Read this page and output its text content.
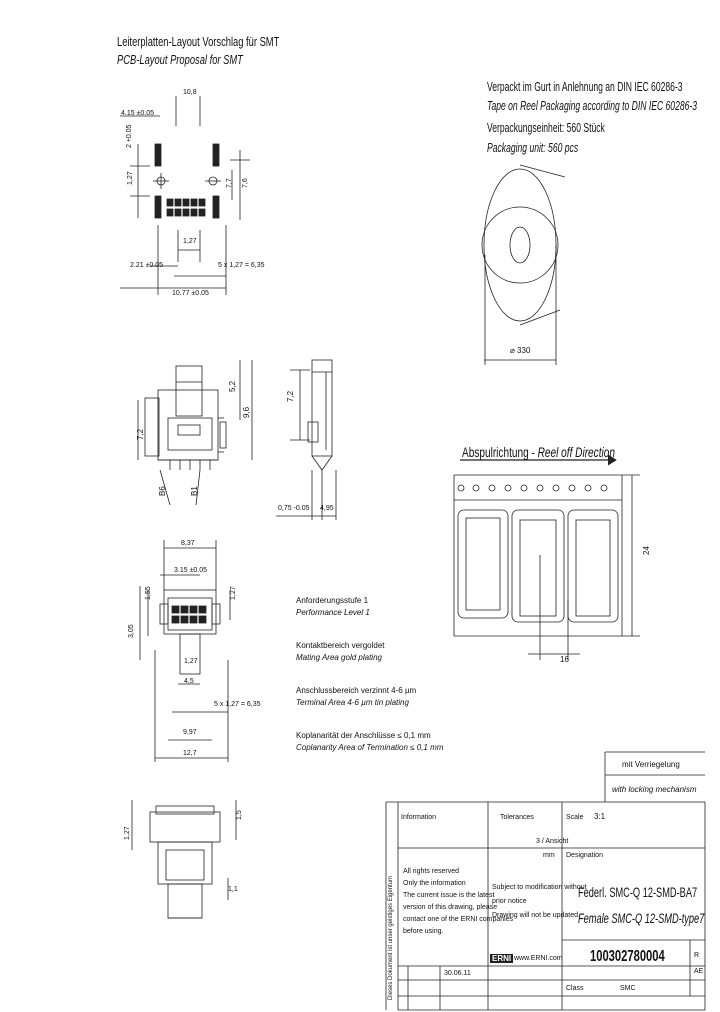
Leiterplatten-Layout Vorschlag für SMT
PCB-Layout Proposal for SMT
Verpackt im Gurt in Anlehnung an DIN IEC 60286-3
Tape on Reel Packaging according to DIN IEC 60286-3
Verpackungseinheit: 560 Stück
Packaging unit: 560 pcs
10,8
4.15 ±0.05
2 +0.05
1,27	7,7 7,6
1,27
2.21 ±0.05	5 x 1,27 = 6,35
10.77 ±0.05
5,2
9,6
7,2
7,2
B6	B1
0,75 -0.05 4,95
8,37
3.15 ±0.05
1,55	1,27
3,05
1,27
4,5
5 x 1,27 = 6,35
9,97
12,7
1,27
1,5
1,1
Anforderungsstufe 1
Performance Level 1
Kontaktbereich vergoldet
Mating Area gold plating
Anschlussbereich verzinnt 4-6 µm
Terminal Area 4-6 µm tin plating
Koplanarität der Anschlüsse ≤ 0,1 mm
Coplanarity Area of Termination ≤ 0,1 mm
⌀ 330
Abspulrichtung - Reel off Direction
24
16
mit Verriegelung
with locking mechanism
Information	Tolerances	Scale 3:1
3 / Ansicht
mm Designation
All rights reserved
Only the information
The current issue is the latest
version of this drawing, please
contact one of the ERNI companies
before using.
Subject to modification without
prior notice
Drawing will not be updated.
Federl. SMC-Q 12-SMD-BA7
Female SMC-Q 12-SMD-type7
ERNI www.ERNI.com 100302780004	R
AE
30.06.11
Class	SMC
Dieses Dokument ist unser geistiges Eigentum
